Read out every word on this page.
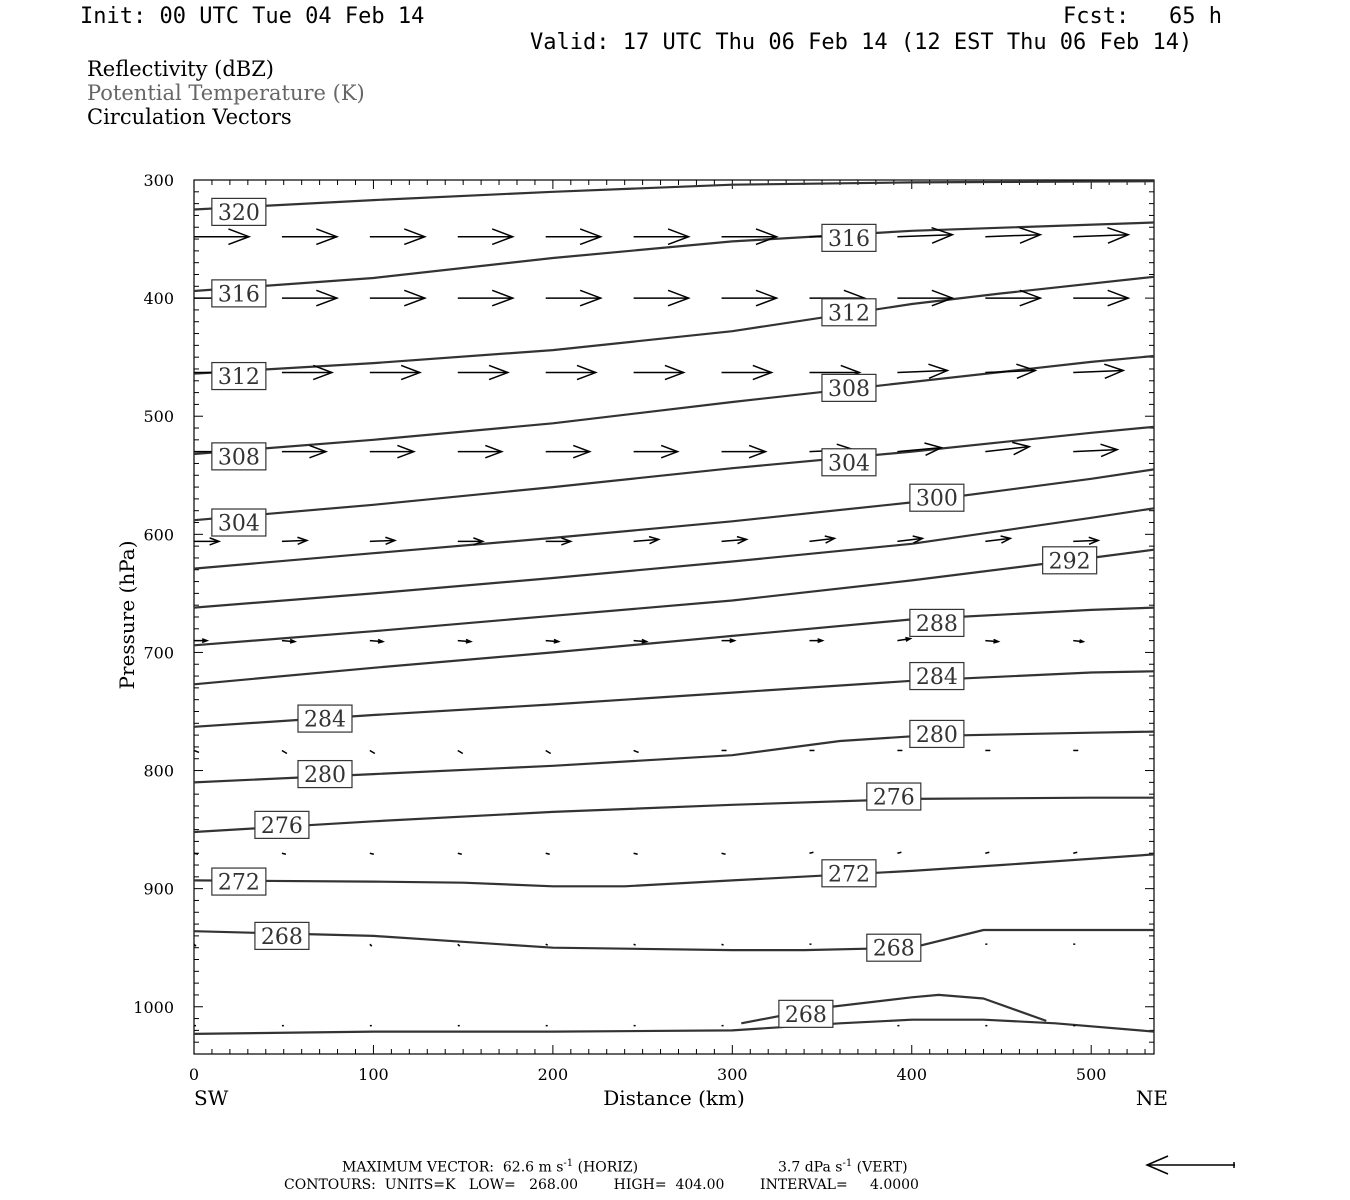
Init: 00 UTC Tue 04 Feb 14	Fcst:   65 h
Valid: 17 UTC Thu 06 Feb 14 (12 EST Thu 06 Feb 14)
Reflectivity (dBZ)
Potential Temperature (K)
Circulation Vectors
320
316
316
312
312	308
308	304
300
304
292
288
284
284
280
280
276
276
272
272
268	268
268
Pressure (hPa)
Distance (km)
SW	NE
300
400
500
600
700
800
900
1000
0	100	200	300	400	500
MAXIMUM VECTOR:  62.6 m $s^{-1}$ (HORIZ)	3.7 dPa $s^{-1}$ (VERT)
CONTOURS:  UNITS=K   LOW=   268.00        HIGH=  404.00        INTERVAL=     4.0000
